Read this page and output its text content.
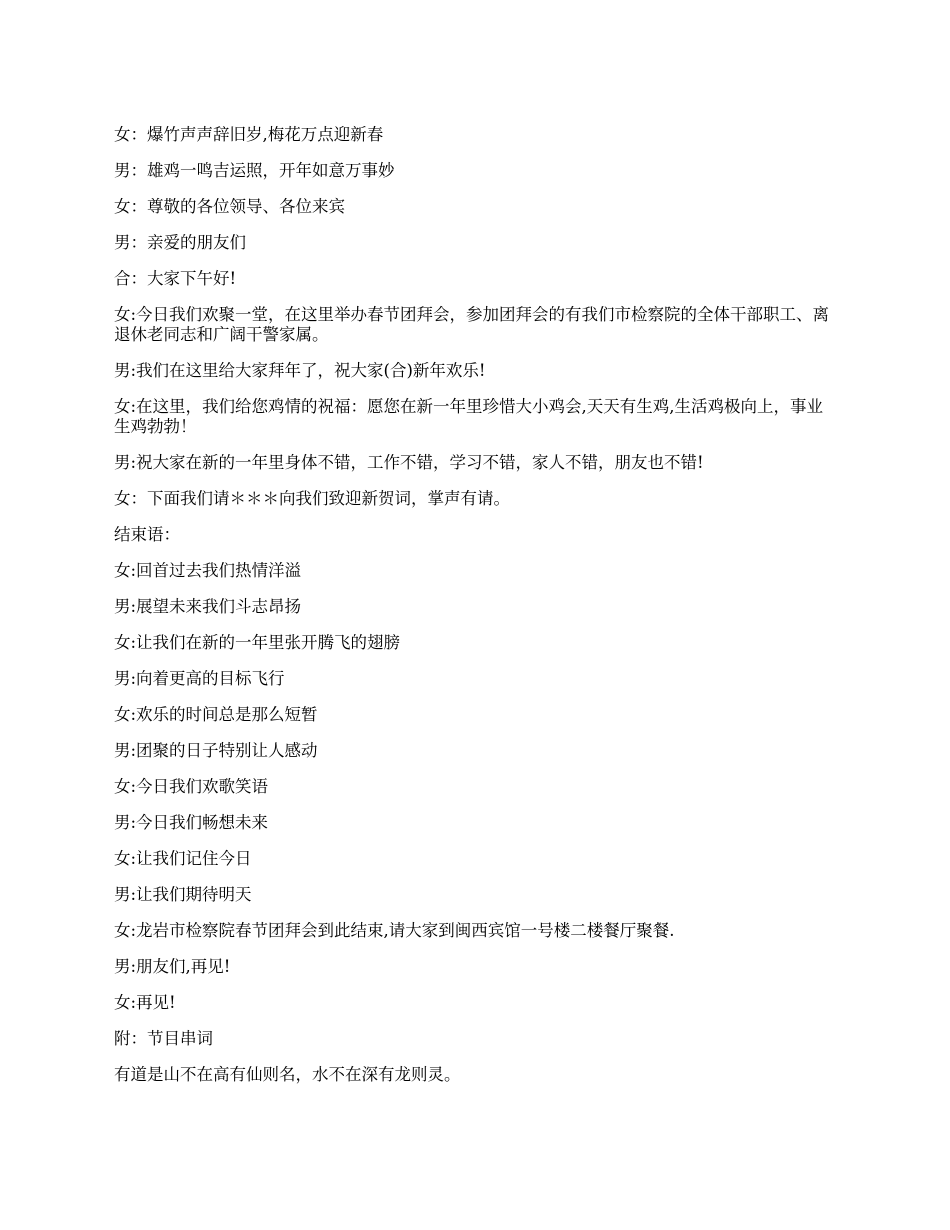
女：爆竹声声辞旧岁,梅花万点迎新春

男：雄鸡一鸣吉运照，开年如意万事妙

女：尊敬的各位领导、各位来宾

男：亲爱的朋友们

合：大家下午好!

女:今日我们欢聚一堂，在这里举办春节团拜会，参加团拜会的有我们市检察院的全体干部职工、离退休老同志和广阔干警家属。

男:我们在这里给大家拜年了，祝大家(合)新年欢乐!

女:在这里，我们给您鸡情的祝福：愿您在新一年里珍惜大小鸡会,天天有生鸡,生活鸡极向上，事业生鸡勃勃！

男:祝大家在新的一年里身体不错，工作不错，学习不错，家人不错，朋友也不错!

女：下面我们请＊＊＊向我们致迎新贺词，掌声有请。

结束语：

女:回首过去我们热情洋溢

男:展望未来我们斗志昂扬

女:让我们在新的一年里张开腾飞的翅膀

男:向着更高的目标飞行

女:欢乐的时间总是那么短暂

男:团聚的日子特别让人感动

女:今日我们欢歌笑语

男:今日我们畅想未来

女:让我们记住今日

男:让我们期待明天

女:龙岩市检察院春节团拜会到此结束,请大家到闽西宾馆一号楼二楼餐厅聚餐.

男:朋友们,再见!

女:再见!

附：节目串词

有道是山不在高有仙则名，水不在深有龙则灵。
